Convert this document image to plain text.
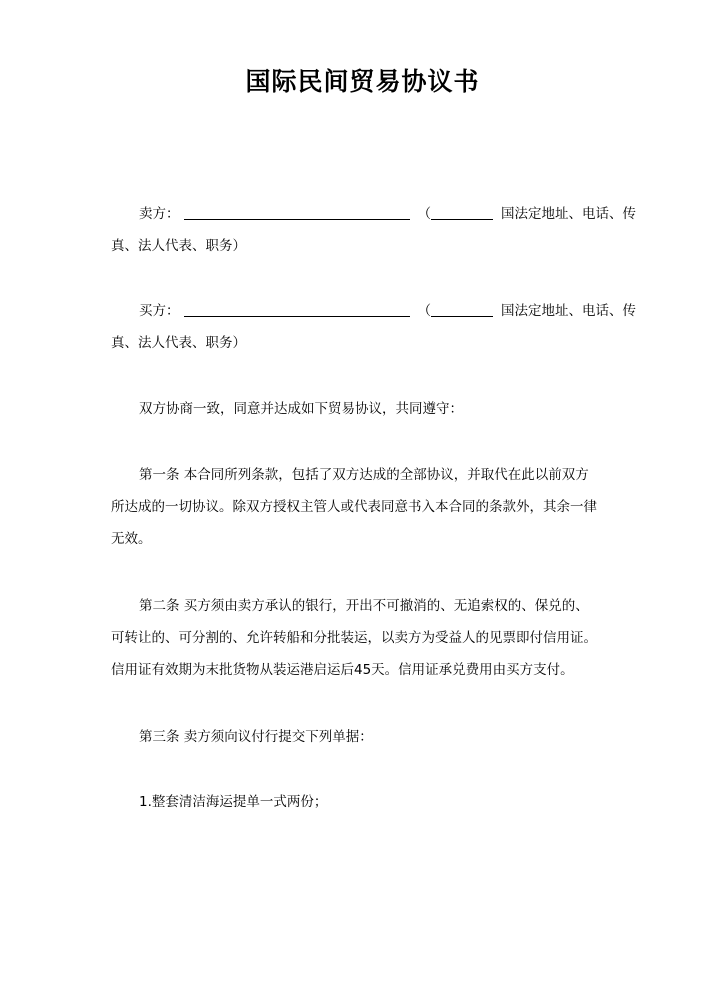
国际民间贸易协议书
卖方：	（	国法定地址、电话、传
真、法人代表、职务）
买方：	（	国法定地址、电话、传
真、法人代表、职务）
双方协商一致，同意并达成如下贸易协议，共同遵守：
第一条 本合同所列条款，包括了双方达成的全部协议，并取代在此以前双方
所达成的一切协议。除双方授权主管人或代表同意书入本合同的条款外，其余一律
无效。
第二条 买方须由卖方承认的银行，开出不可撤消的、无追索权的、保兑的、
可转让的、可分割的、允许转船和分批装运，以卖方为受益人的见票即付信用证。
信用证有效期为末批货物从装运港启运后45天。信用证承兑费用由买方支付。
第三条 卖方须向议付行提交下列单据：
1.整套清洁海运提单一式两份；
